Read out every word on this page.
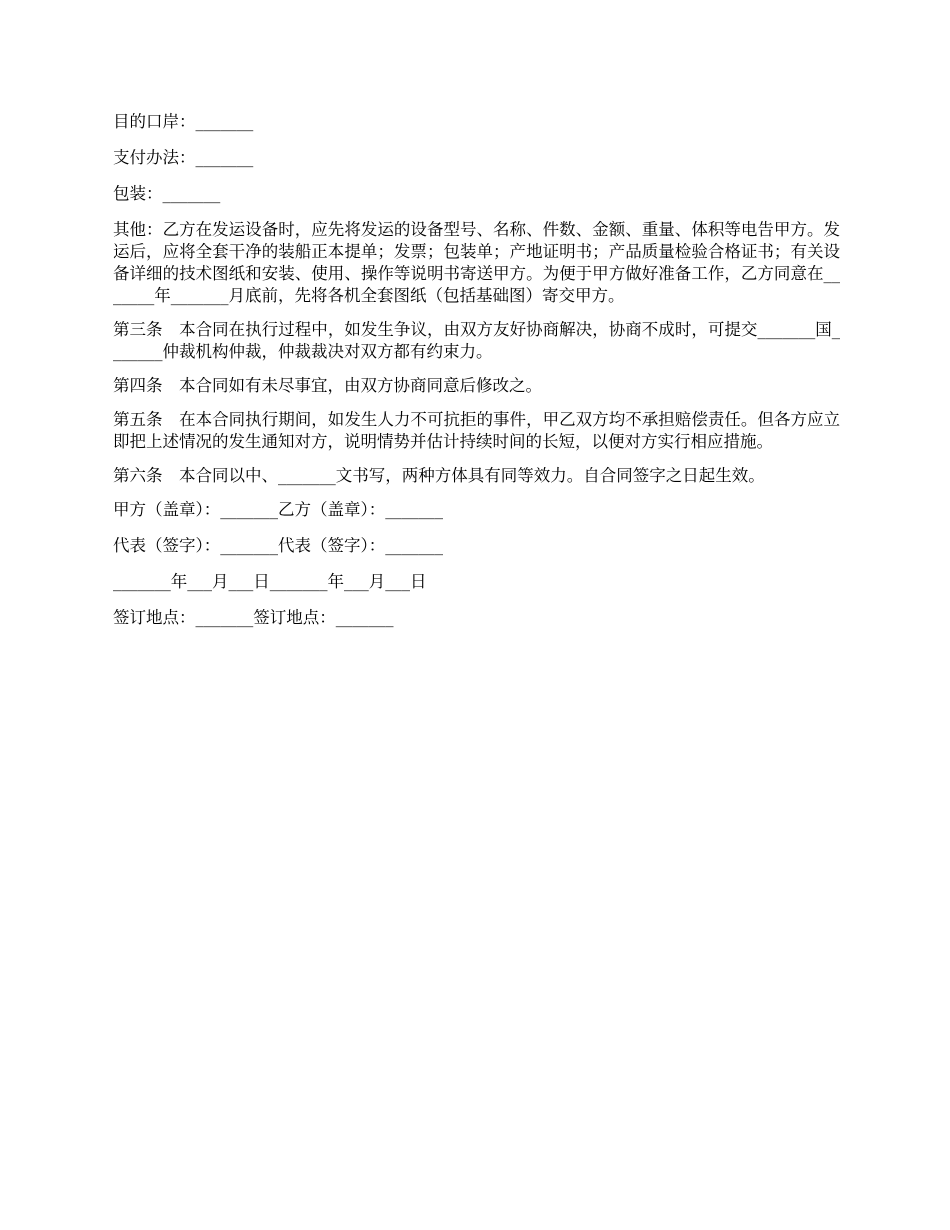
目的口岸：_______

支付办法：_______

包装：_______

其他：乙方在发运设备时，应先将发运的设备型号、名称、件数、金额、重量、体积等电告甲方。发运后，应将全套干净的装船正本提单；发票；包装单；产地证明书；产品质量检验合格证书；有关设备详细的技术图纸和安装、使用、操作等说明书寄送甲方。为便于甲方做好准备工作，乙方同意在_______年_______月底前，先将各机全套图纸（包括基础图）寄交甲方。

第三条　本合同在执行过程中，如发生争议，由双方友好协商解决，协商不成时，可提交_______国_______仲裁机构仲裁，仲裁裁决对双方都有约束力。

第四条　本合同如有未尽事宜，由双方协商同意后修改之。

第五条　在本合同执行期间，如发生人力不可抗拒的事件，甲乙双方均不承担赔偿责任。但各方应立即把上述情况的发生通知对方，说明情势并估计持续时间的长短，以便对方实行相应措施。

第六条　本合同以中、_______文书写，两种方体具有同等效力。自合同签字之日起生效。

甲方（盖章）：_______乙方（盖章）：_______

代表（签字）：_______代表（签字）：_______

_______年___月___日_______年___月___日

签订地点：_______签订地点：_______
